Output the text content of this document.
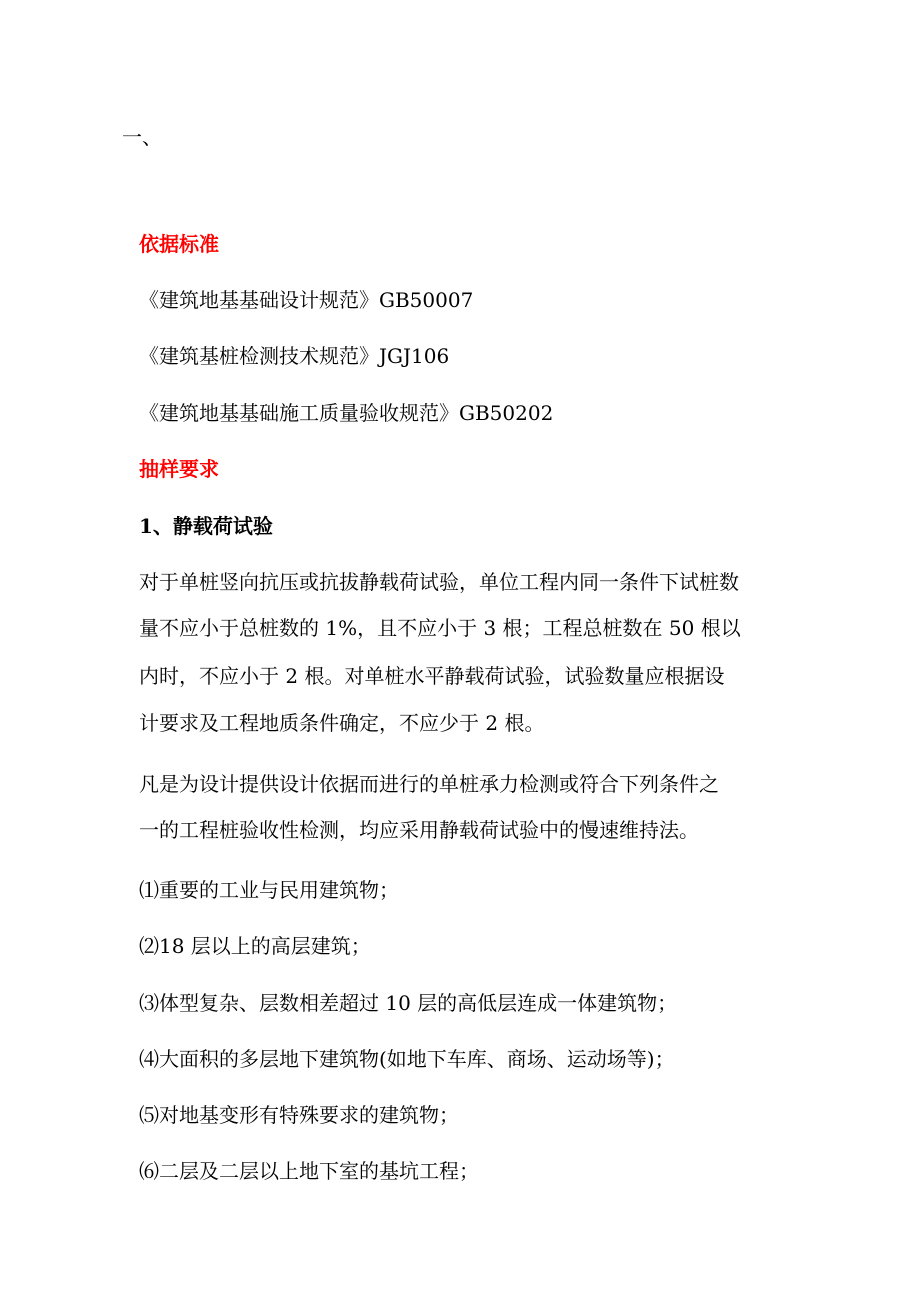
一、
依据标准
《建筑地基基础设计规范》GB50007
《建筑基桩检测技术规范》JGJ106
《建筑地基基础施工质量验收规范》GB50202
抽样要求
1、静载荷试验
对于单桩竖向抗压或抗拔静载荷试验，单位工程内同一条件下试桩数
量不应小于总桩数的 1%，且不应小于 3 根；工程总桩数在 50 根以
内时，不应小于 2 根。对单桩水平静载荷试验，试验数量应根据设
计要求及工程地质条件确定，不应少于 2 根。
凡是为设计提供设计依据而进行的单桩承力检测或符合下列条件之
一的工程桩验收性检测，均应采用静载荷试验中的慢速维持法。
⑴重要的工业与民用建筑物；
⑵18 层以上的高层建筑；
⑶体型复杂、层数相差超过 10 层的高低层连成一体建筑物；
⑷大面积的多层地下建筑物(如地下车库、商场、运动场等)；
⑸对地基变形有特殊要求的建筑物；
⑹二层及二层以上地下室的基坑工程；
